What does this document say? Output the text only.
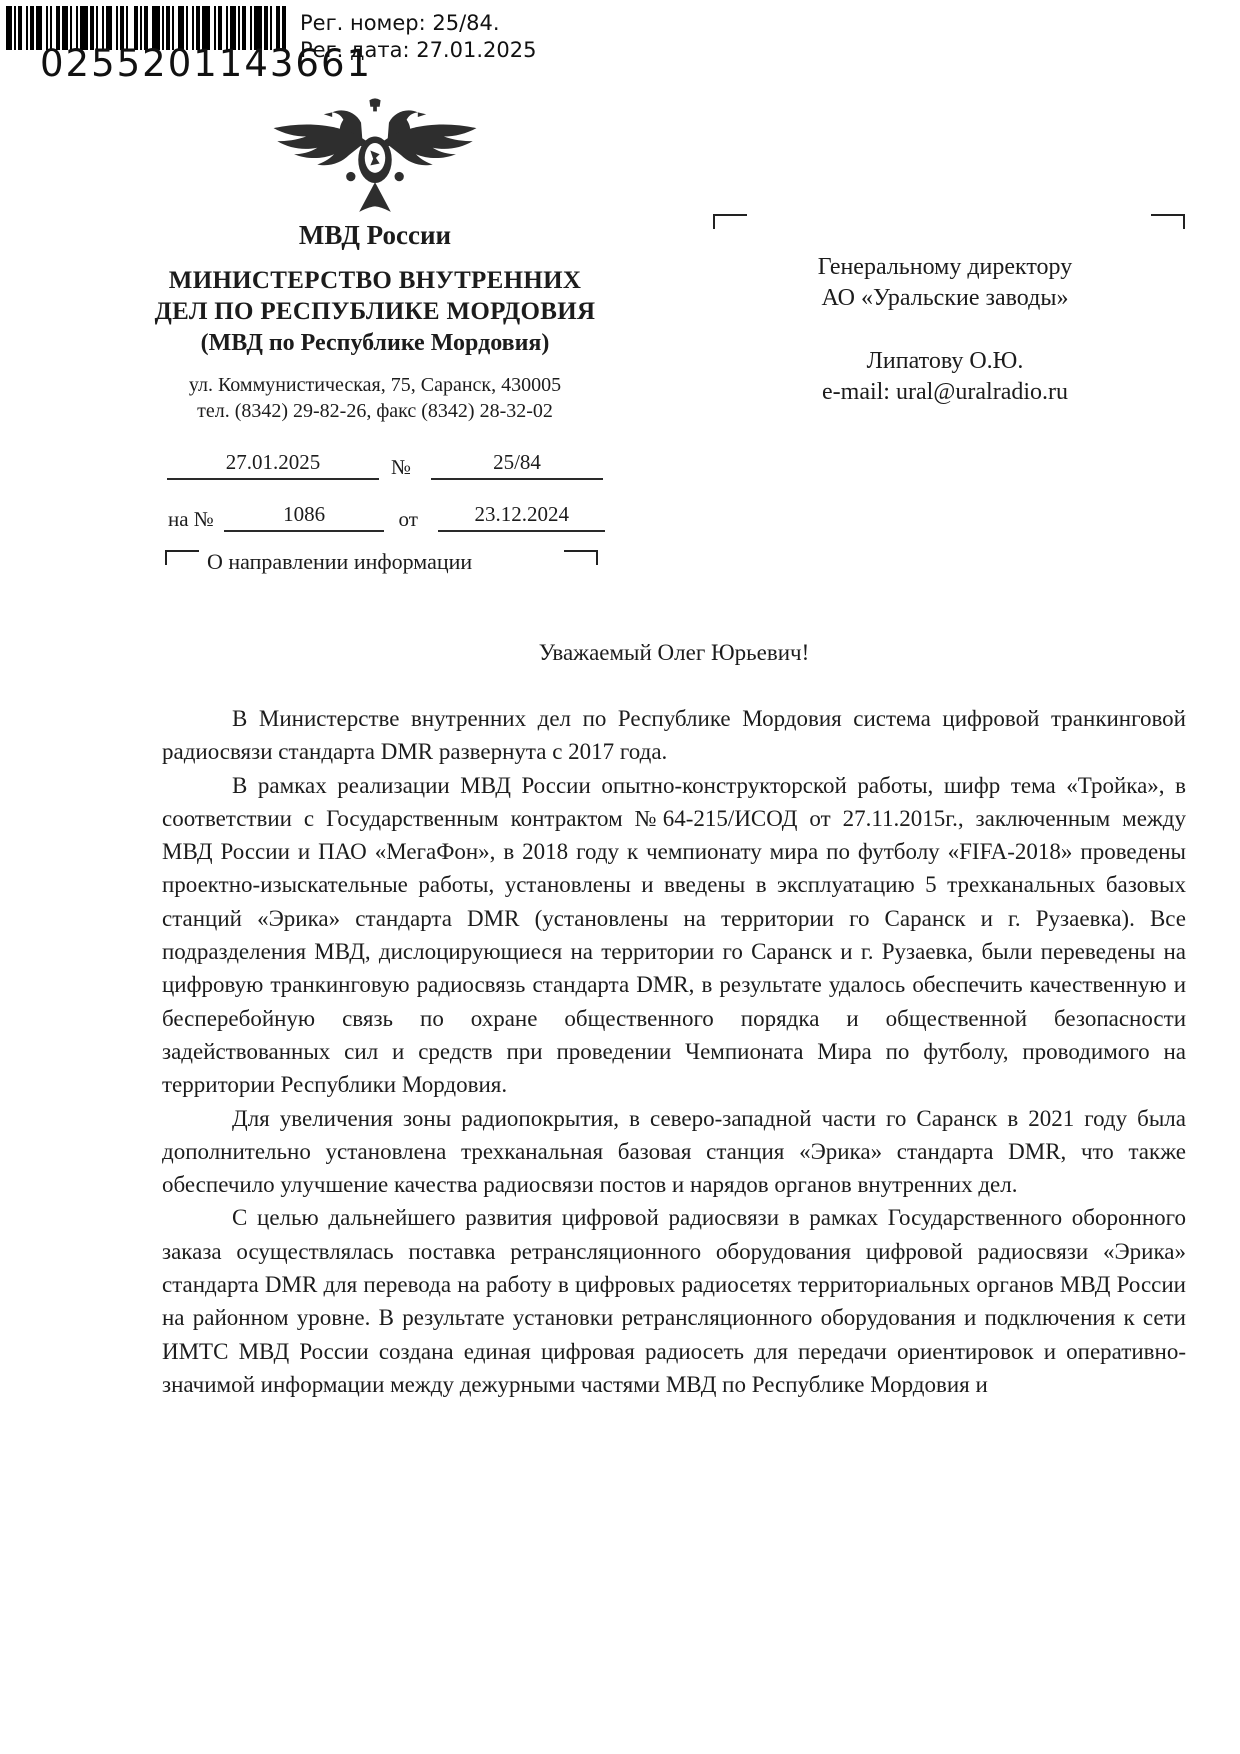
0255201143661
Рег. номер: 25/84.
Рег. дата: 27.01.2025
МВД России
МИНИСТЕРСТВО ВНУТРЕННИХ
ДЕЛ ПО РЕСПУБЛИКЕ МОРДОВИЯ
(МВД по Республике Мордовия)
ул. Коммунистическая, 75, Саранск, 430005
тел. (8342) 29-82-26, факс (8342) 28-32-02
27.01.2025	№	25/84
на №	1086	от	23.12.2024
О направлении информации
Генеральному директору
АО «Уральские заводы»
Липатову О.Ю.
e-mail: ural@uralradio.ru
Уважаемый Олег Юрьевич!

В Министерстве внутренних дел по Республике Мордовия система цифровой транкинговой радиосвязи стандарта DMR развернута с 2017 года.

В рамках реализации МВД России опытно-конструкторской работы, шифр тема «Тройка», в соответствии с Государственным контрактом №64-215/ИСОД от 27.11.2015г., заключенным между МВД России и ПАО «МегаФон», в 2018 году к чемпионату мира по футболу «FIFA-2018» проведены проектно-изыскательные работы, установлены и введены в эксплуатацию 5 трехканальных базовых станций «Эрика» стандарта DMR (установлены на территории го Саранск и г. Рузаевка). Все подразделения МВД, дислоцирующиеся на территории го Саранск и г. Рузаевка, были переведены на цифровую транкинговую радиосвязь стандарта DMR, в результате удалось обеспечить качественную и бесперебойную связь по охране общественного порядка и общественной безопасности задействованных сил и средств при проведении Чемпионата Мира по футболу, проводимого на территории Республики Мордовия.

Для увеличения зоны радиопокрытия, в северо-западной части го Саранск в 2021 году была дополнительно установлена трехканальная базовая станция «Эрика» стандарта DMR, что также обеспечило улучшение качества радиосвязи постов и нарядов органов внутренних дел.

С целью дальнейшего развития цифровой радиосвязи в рамках Государственного оборонного заказа осуществлялась поставка ретрансляционного оборудования цифровой радиосвязи «Эрика» стандарта DMR для перевода на работу в цифровых радиосетях территориальных органов МВД России на районном уровне. В результате установки ретрансляционного оборудования и подключения к сети ИМТС МВД России создана единая цифровая радиосеть для передачи ориентировок и оперативно-значимой информации между дежурными частями МВД по Республике Мордовия и
